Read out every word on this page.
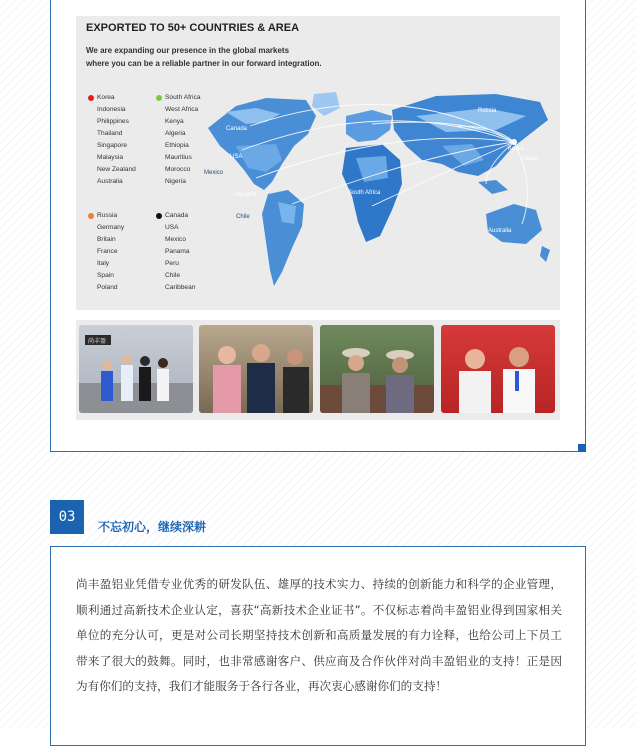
EXPORTED TO 50+ COUNTRIES & AREA
We are expanding our presence in the global markets
where you can be a reliable partner in our forward integration.
Korea
Indonesia
Philippines
Thailand
Singapore
Malaysia
New Zealand
Australia
South Africa
West Africa
Kenya
Algeria
Ethiopia
Mauritius
Morocco
Nigeria
Russia
Germany
Britain
France
Italy
Spain
Poland
Canada
USA
Mexico
Panama
Peru
Chile
Caribbean
Canada
USA
Mexico
Panama
Chile
South Africa
Australia
Korea
Japan
Russia
尚丰盈
03
不忘初心，继续深耕
尚丰盈铝业凭借专业优秀的研发队伍、雄厚的技术实力、持续的创新能力和科学的企业管理，顺利通过高新技术企业认定，喜获“高新技术企业证书”。不仅标志着尚丰盈铝业得到国家相关单位的充分认可，更是对公司长期坚持技术创新和高质量发展的有力诠释，也给公司上下员工带来了很大的鼓舞。同时，也非常感谢客户、供应商及合作伙伴对尚丰盈铝业的支持！正是因为有你们的支持，我们才能服务于各行各业，再次衷心感谢你们的支持！
